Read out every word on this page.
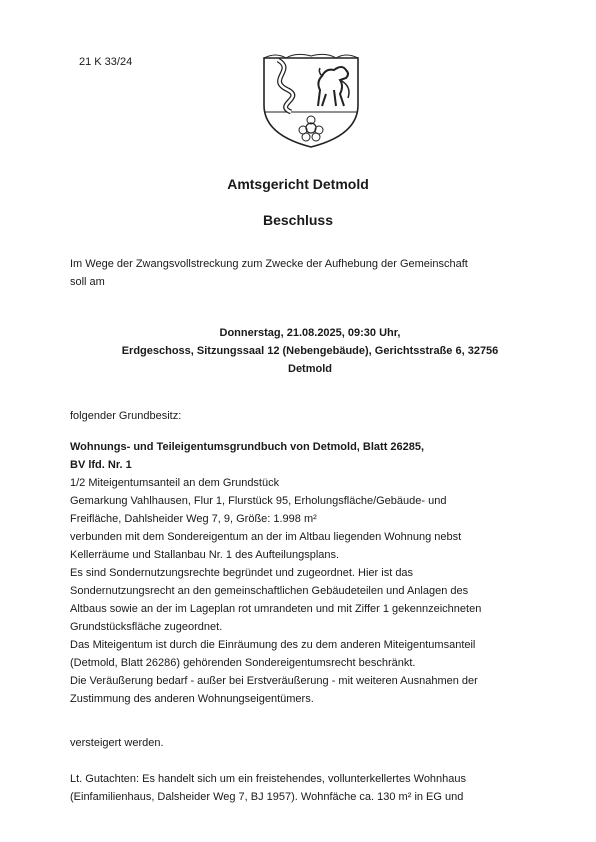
21 K 33/24
Amtsgericht Detmold
Beschluss
Im Wege der Zwangsvollstreckung zum Zwecke der Aufhebung der Gemeinschaft
soll am
Donnerstag, 21.08.2025, 09:30 Uhr,
Erdgeschoss, Sitzungssaal 12 (Nebengebäude), Gerichtsstraße 6, 32756
Detmold
folgender Grundbesitz:
Wohnungs- und Teileigentumsgrundbuch von Detmold, Blatt 26285,
BV lfd. Nr. 1
1/2 Miteigentumsanteil an dem Grundstück
Gemarkung Vahlhausen, Flur 1, Flurstück 95, Erholungsfläche/Gebäude- und
Freifläche, Dahlsheider Weg 7, 9, Größe: 1.998 m²
verbunden mit dem Sondereigentum an der im Altbau liegenden Wohnung nebst
Kellerräume und Stallanbau Nr. 1 des Aufteilungsplans.
Es sind Sondernutzungsrechte begründet und zugeordnet. Hier ist das
Sondernutzungsrecht an den gemeinschaftlichen Gebäudeteilen und Anlagen des
Altbaus sowie an der im Lageplan rot umrandeten und mit Ziffer 1 gekennzeichneten
Grundstücksfläche zugeordnet.
Das Miteigentum ist durch die Einräumung des zu dem anderen Miteigentumsanteil
(Detmold, Blatt 26286) gehörenden Sondereigentumsrecht beschränkt.
Die Veräußerung bedarf - außer bei Erstveräußerung - mit weiteren Ausnahmen der
Zustimmung des anderen Wohnungseigentümers.
versteigert werden.
Lt. Gutachten: Es handelt sich um ein freistehendes, vollunterkellertes Wohnhaus
(Einfamilienhaus, Dalsheider Weg 7, BJ 1957). Wohnfäche ca. 130 m² in EG und
